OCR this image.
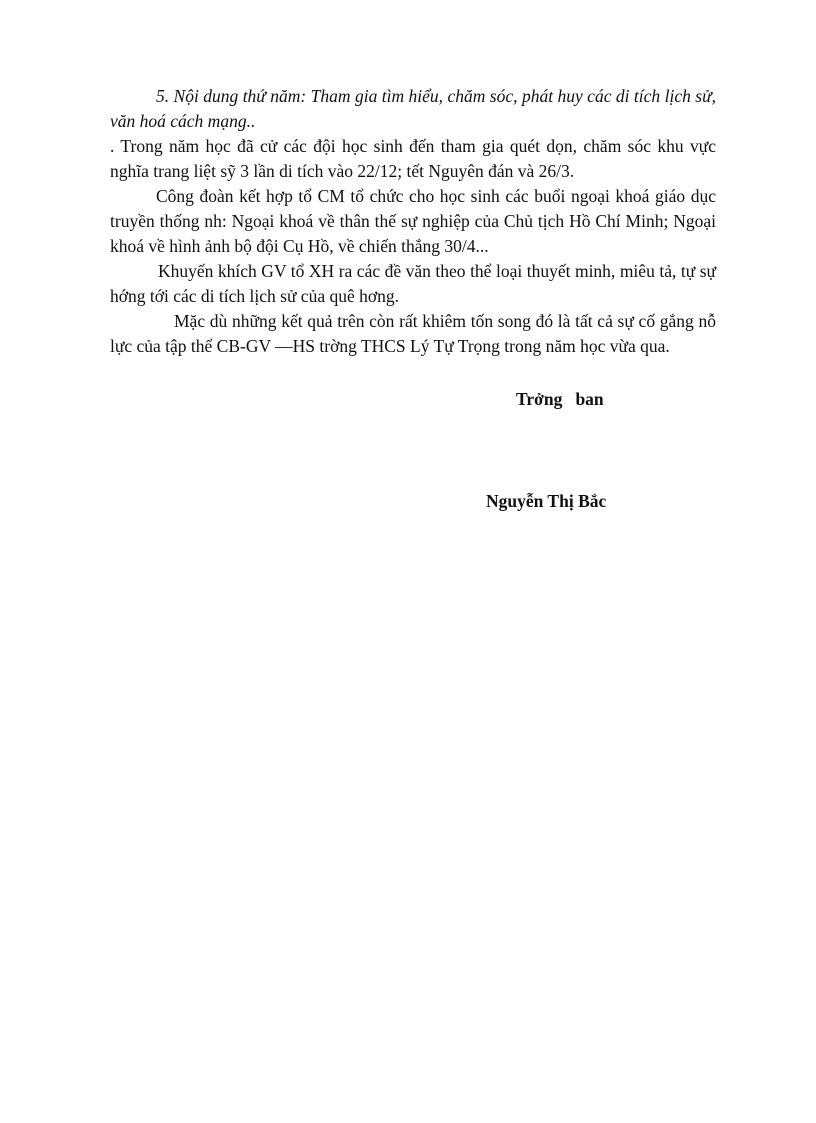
5. Nội dung thứ năm: Tham gia tìm hiểu, chăm sóc, phát huy các di tích lịch sử, văn hoá cách mạng..

. Trong năm học đã cử các đội học sinh đến tham gia quét dọn, chăm sóc khu vực nghĩa trang liệt sỹ 3 lần di tích vào 22/12; tết Nguyên đán và 26/3.

Công đoàn kết hợp tổ CM tổ chức cho học sinh các buổi ngoại khoá giáo dục truyền thống nh: Ngoại khoá về thân thế sự nghiệp của Chủ tịch Hồ Chí Minh; Ngoại khoá về hình ảnh bộ đội Cụ Hồ, về chiến thắng 30/4...

Khuyến khích GV tổ XH ra các đề văn theo thể loại thuyết minh, miêu tả, tự sự hớng tới các di tích lịch sử của quê hơng.

Mặc dù những kết quả trên còn rất khiêm tốn song đó là tất cả sự cố gắng nỗ lực của tập thể CB-GV —HS trờng THCS Lý Tự Trọng trong năm học vừa qua.

Trởng   ban
Nguyễn Thị Bắc
